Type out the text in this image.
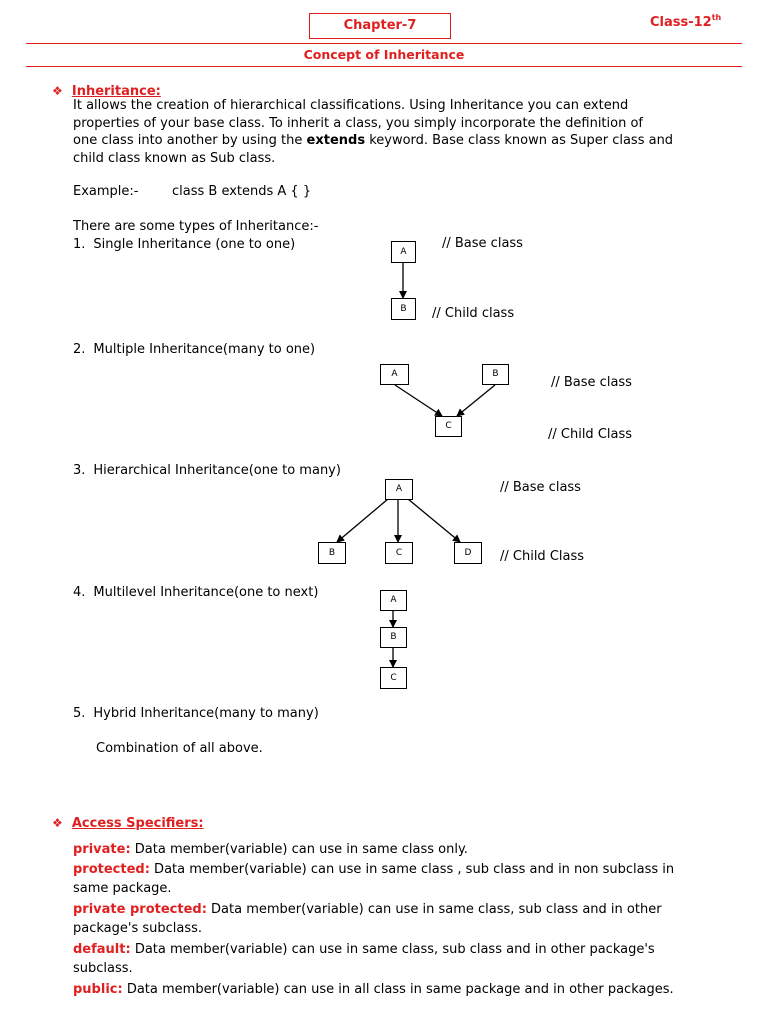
Chapter-7	Class-12th
Concept of Inheritance
❖ Inheritance:
It allows the creation of hierarchical classifications. Using Inheritance you can extend
properties of your base class. To inherit a class, you simply incorporate the definition of
one class into another by using the extends keyword. Base class known as Super class and
child class known as Sub class.
Example:-	class B extends A { }
There are some types of Inheritance:-
1. Single Inheritance (one to one)
2. Multiple Inheritance(many to one)
3. Hierarchical Inheritance(one to many)
4. Multilevel Inheritance(one to next)
5. Hybrid Inheritance(many to many)
Combination of all above.
A
B
// Base class
// Child class
A	B
C
// Base class
// Child Class
A
B	C	D
// Base class
// Child Class
A
B
C
❖ Access Specifiers:
private: Data member(variable) can use in same class only.
protected: Data member(variable) can use in same class , sub class and in non subclass in
same package.
private protected: Data member(variable) can use in same class, sub class and in other
package's subclass.
default: Data member(variable) can use in same class, sub class and in other package's
subclass.
public: Data member(variable) can use in all class in same package and in other packages.
